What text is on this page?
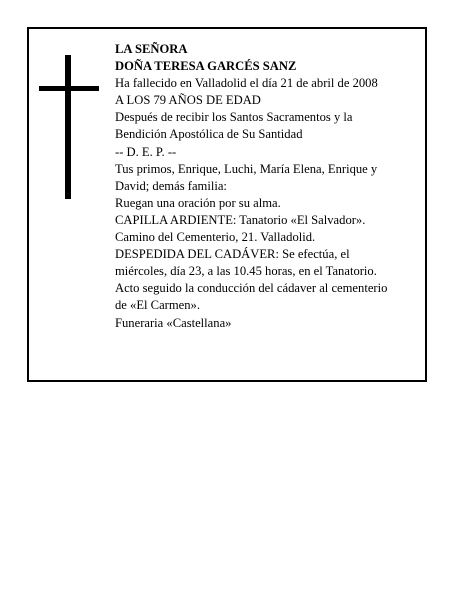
LA SEÑORA
DOÑA TERESA GARCÉS SANZ
Ha fallecido en Valladolid el día 21 de abril de 2008
A LOS 79 AÑOS DE EDAD
Después de recibir los Santos Sacramentos y la
Bendición Apostólica de Su Santidad
-- D. E. P. --
Tus primos, Enrique, Luchi, María Elena, Enrique y
David; demás familia:
Ruegan una oración por su alma.
CAPILLA ARDIENTE: Tanatorio «El Salvador».
Camino del Cementerio, 21. Valladolid.
DESPEDIDA DEL CADÁVER: Se efectúa, el
miércoles, día 23, a las 10.45 horas, en el Tanatorio.
Acto seguido la conducción del cádaver al cementerio
de «El Carmen».
Funeraria «Castellana»
